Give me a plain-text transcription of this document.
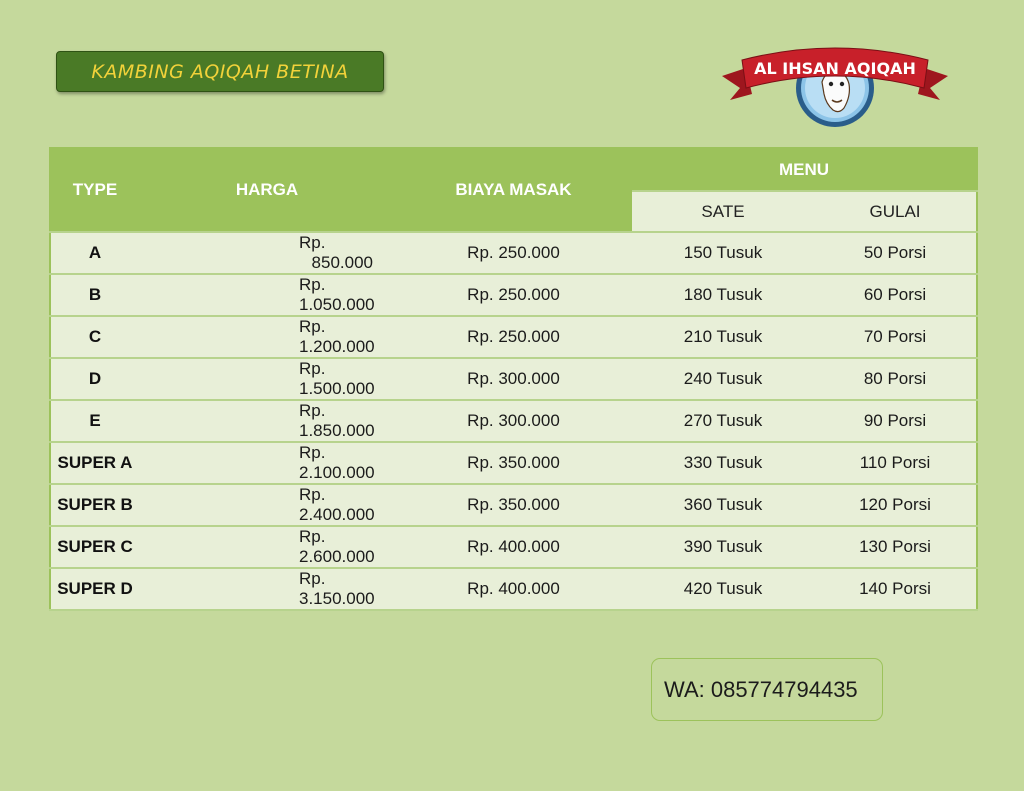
KAMBING AQIQAH BETINA	AL IHSAN AQIQAH
TYPE	HARGA	BIAYA MASAK	MENU	
			SATE	GULAI
A	Rp.850.000	Rp. 250.000	150 Tusuk	50 Porsi
B	Rp.1.050.000	Rp. 250.000	180 Tusuk	60 Porsi
C	Rp.1.200.000	Rp. 250.000	210 Tusuk	70 Porsi
D	Rp.1.500.000	Rp. 300.000	240 Tusuk	80 Porsi
E	Rp.1.850.000	Rp. 300.000	270 Tusuk	90 Porsi
SUPER A	Rp.2.100.000	Rp. 350.000	330 Tusuk	110 Porsi
SUPER B	Rp.2.400.000	Rp. 350.000	360 Tusuk	120 Porsi
SUPER C	Rp.2.600.000	Rp. 400.000	390 Tusuk	130 Porsi
SUPER D	Rp.3.150.000	Rp. 400.000	420 Tusuk	140 Porsi
WA: 085774794435
